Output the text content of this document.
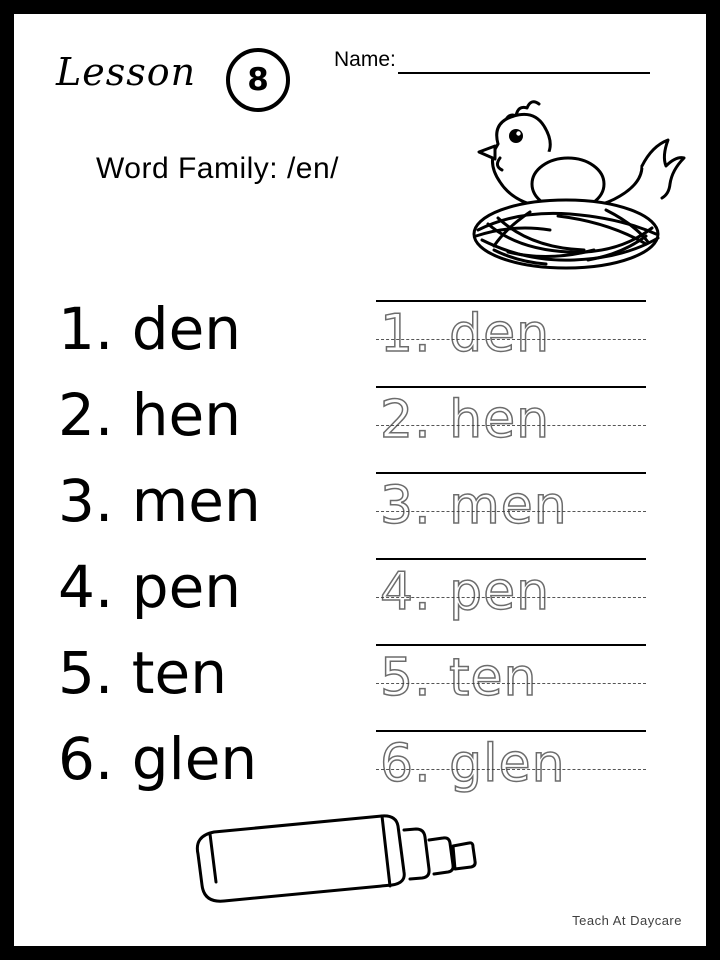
Lesson	8
Name:
Word Family: /en/
1. den
2. hen
3. men
4. pen
5. ten
6. glen
1. den
2. hen
3. men
4. pen
5. ten
6. glen
Teach At Daycare
